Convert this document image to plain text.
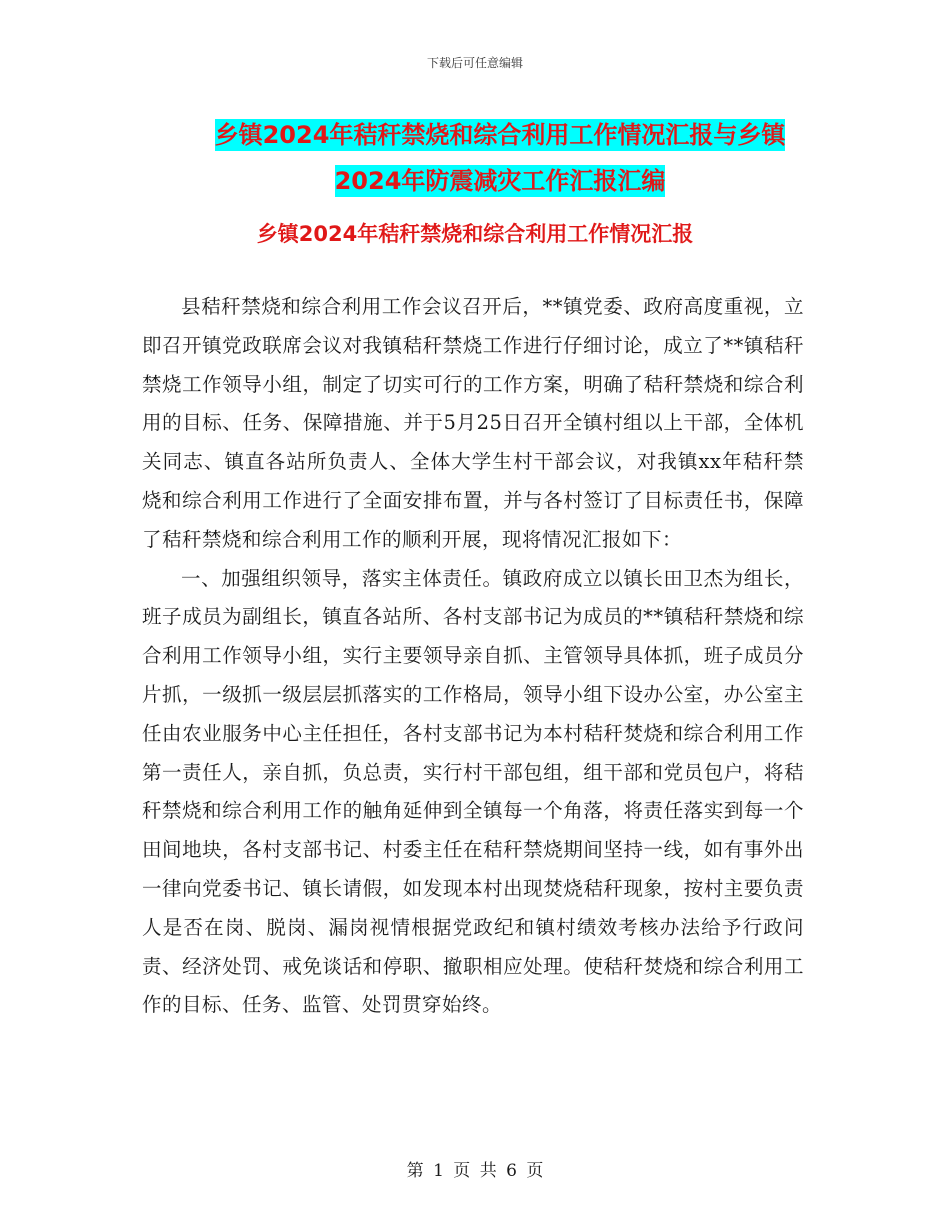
下载后可任意编辑
乡镇2024年秸秆禁烧和综合利用工作情况汇报与乡镇
2024年防震减灾工作汇报汇编
乡镇2024年秸秆禁烧和综合利用工作情况汇报

县秸秆禁烧和综合利用工作会议召开后，**镇党委、政府高度重视，立即召开镇党政联席会议对我镇秸秆禁烧工作进行仔细讨论，成立了**镇秸秆禁烧工作领导小组，制定了切实可行的工作方案，明确了秸秆禁烧和综合利用的目标、任务、保障措施、并于5月25日召开全镇村组以上干部，全体机关同志、镇直各站所负责人、全体大学生村干部会议，对我镇xx年秸秆禁烧和综合利用工作进行了全面安排布置，并与各村签订了目标责任书，保障了秸秆禁烧和综合利用工作的顺利开展，现将情况汇报如下：

一、加强组织领导，落实主体责任。镇政府成立以镇长田卫杰为组长，班子成员为副组长，镇直各站所、各村支部书记为成员的**镇秸秆禁烧和综合利用工作领导小组，实行主要领导亲自抓、主管领导具体抓，班子成员分片抓，一级抓一级层层抓落实的工作格局，领导小组下设办公室，办公室主任由农业服务中心主任担任，各村支部书记为本村秸秆焚烧和综合利用工作第一责任人，亲自抓，负总责，实行村干部包组，组干部和党员包户，将秸秆禁烧和综合利用工作的触角延伸到全镇每一个角落，将责任落实到每一个田间地块，各村支部书记、村委主任在秸秆禁烧期间坚持一线，如有事外出一律向党委书记、镇长请假，如发现本村出现焚烧秸秆现象，按村主要负责人是否在岗、脱岗、漏岗视情根据党政纪和镇村绩效考核办法给予行政问责、经济处罚、戒免谈话和停职、撤职相应处理。使秸秆焚烧和综合利用工作的目标、任务、监管、处罚贯穿始终。

第 1 页 共 6 页
